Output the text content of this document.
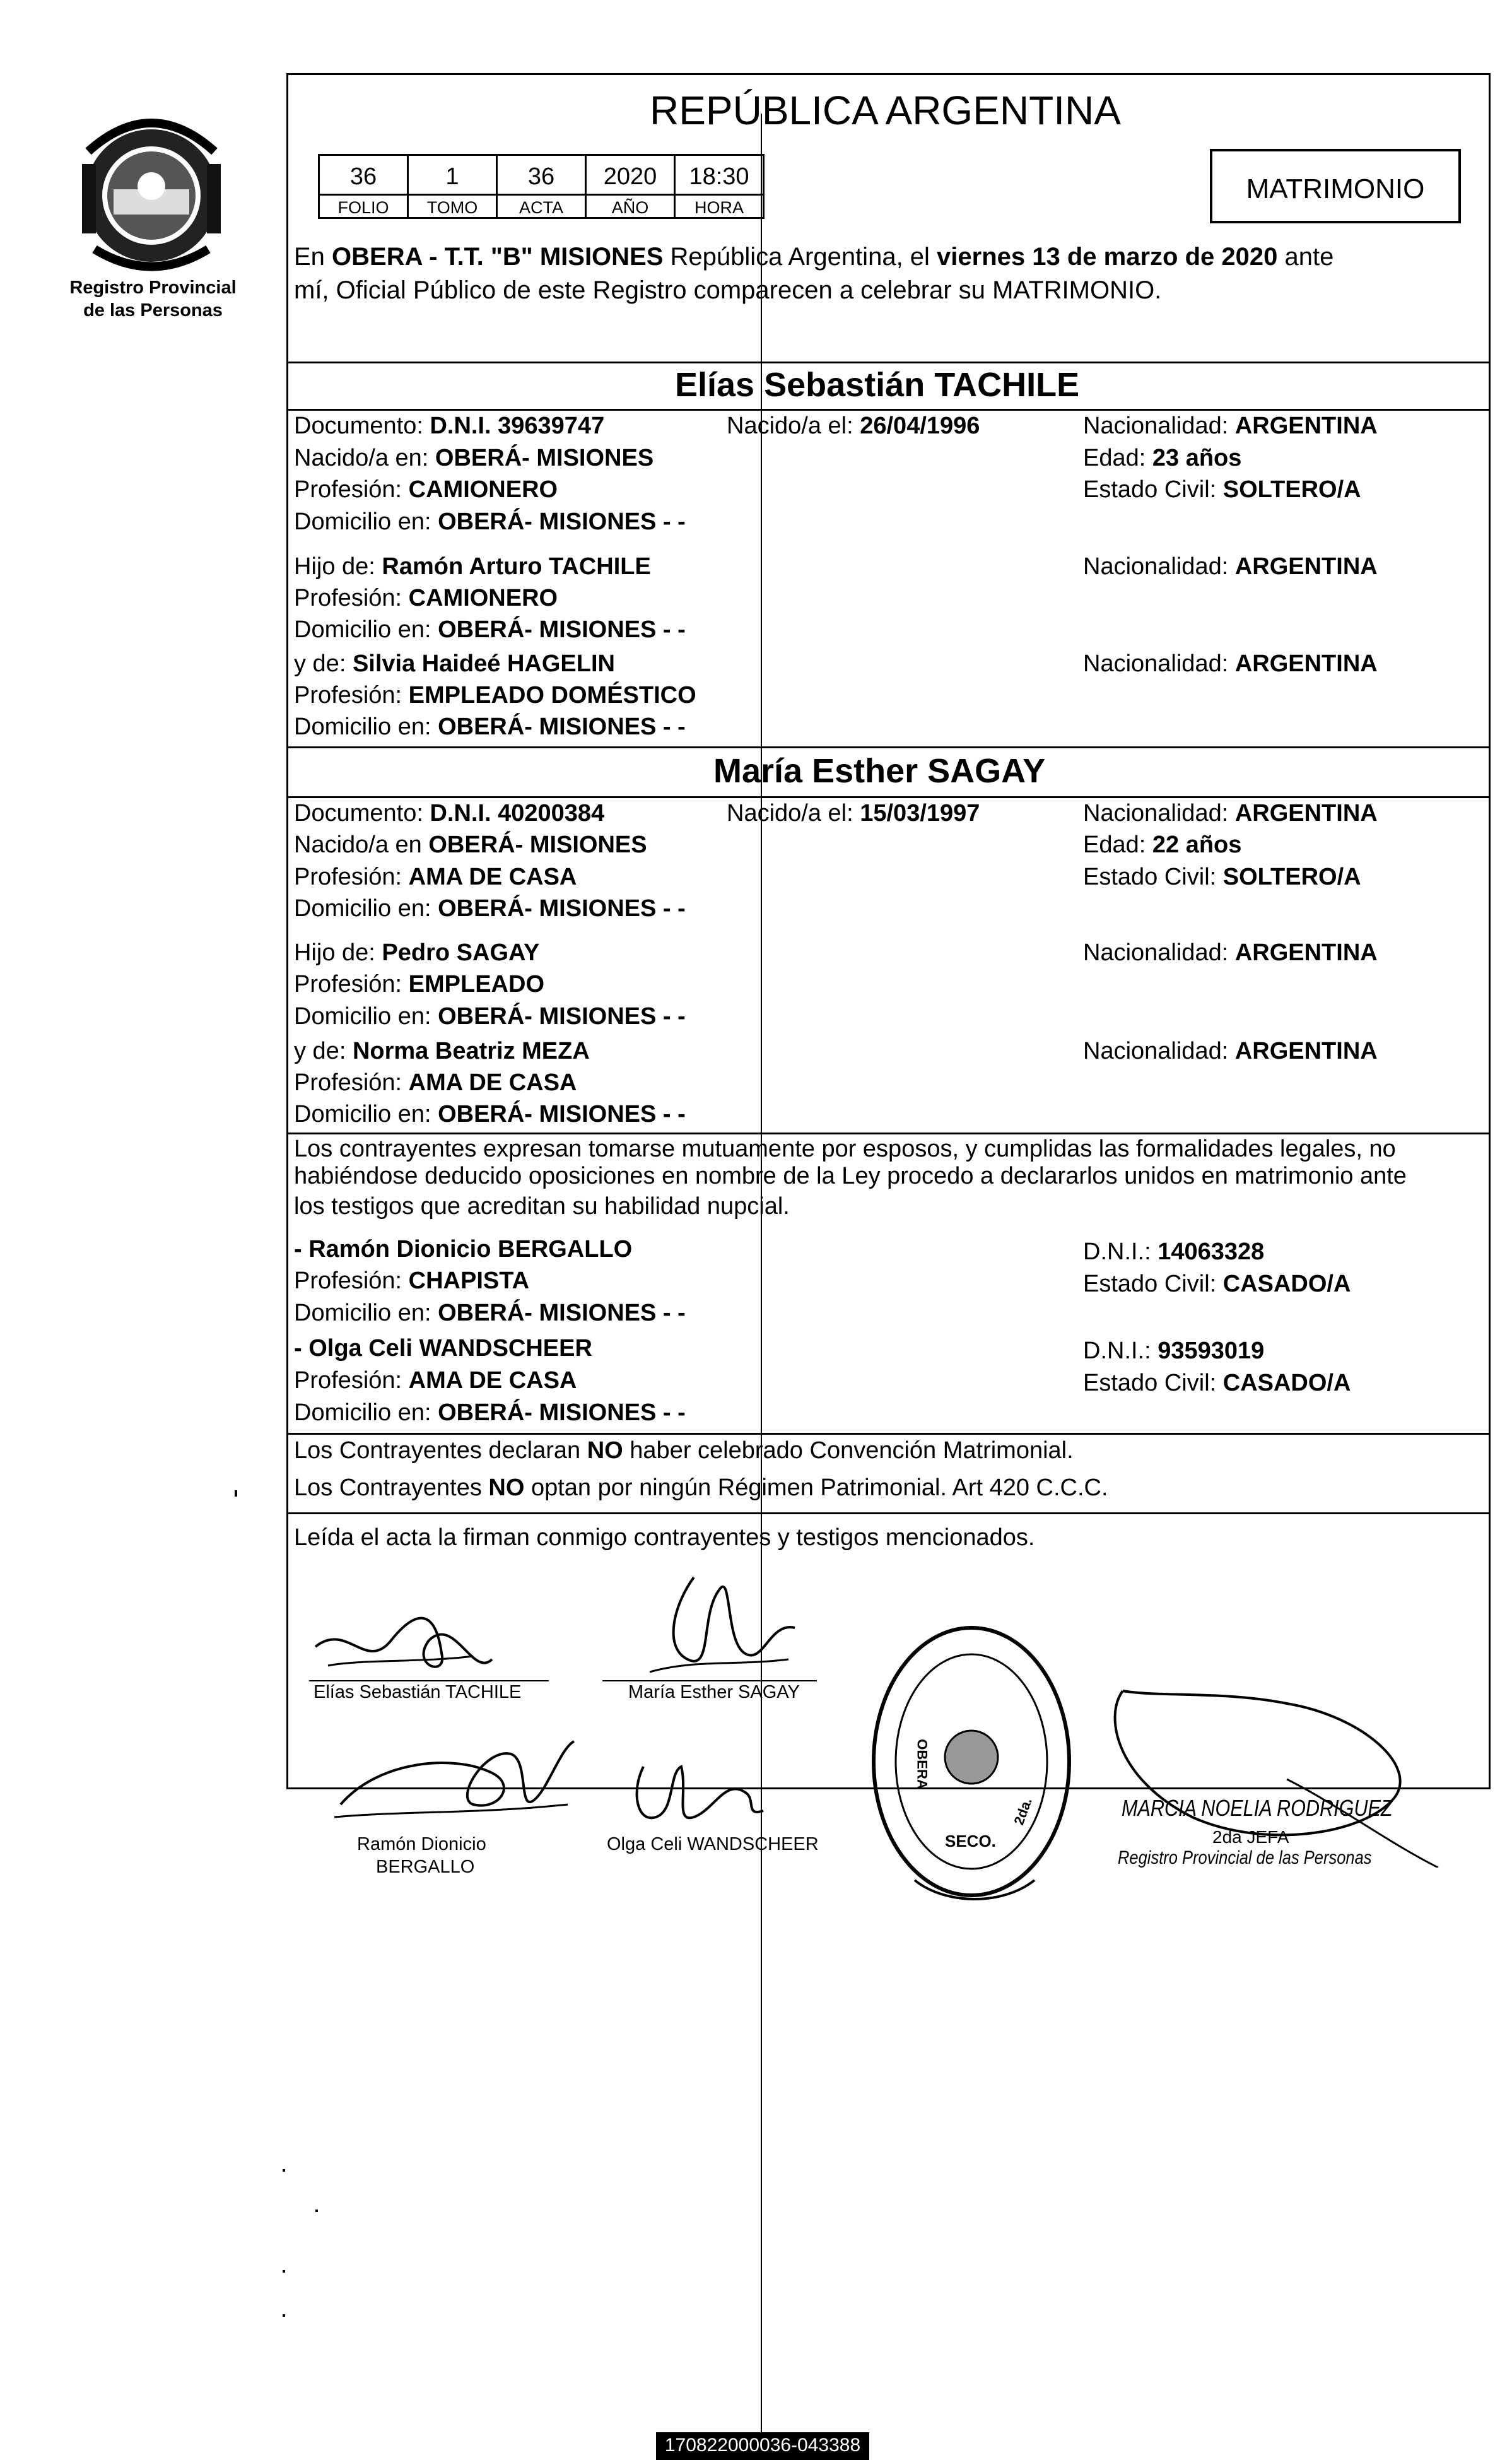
Registro Provincial
de las Personas
REPÚBLICA ARGENTINA
36	1	36	2020	18:30
FOLIO	TOMO	ACTA	AÑO	HORA
MATRIMONIO
En OBERA - T.T. "B" MISIONES República Argentina, el viernes 13 de marzo de 2020 ante
mí, Oficial Público de este Registro comparecen a celebrar su MATRIMONIO.
Elías Sebastián TACHILE
Documento: D.N.I. 39639747	Nacido/a el: 26/04/1996	Nacionalidad: ARGENTINA
Nacido/a en: OBERÁ- MISIONES	Edad: 23 años
Profesión: CAMIONERO	Estado Civil: SOLTERO/A
Domicilio en: OBERÁ- MISIONES - -
Hijo de: Ramón Arturo TACHILE	Nacionalidad: ARGENTINA
Profesión: CAMIONERO
Domicilio en: OBERÁ- MISIONES - -
y de: Silvia Haideé HAGELIN	Nacionalidad: ARGENTINA
Profesión: EMPLEADO DOMÉSTICO
Domicilio en: OBERÁ- MISIONES - -
María Esther SAGAY
Documento: D.N.I. 40200384	Nacido/a el: 15/03/1997	Nacionalidad: ARGENTINA
Nacido/a en OBERÁ- MISIONES	Edad: 22 años
Profesión: AMA DE CASA	Estado Civil: SOLTERO/A
Domicilio en: OBERÁ- MISIONES - -
Hijo de: Pedro SAGAY	Nacionalidad: ARGENTINA
Profesión: EMPLEADO
Domicilio en: OBERÁ- MISIONES - -
y de: Norma Beatriz MEZA	Nacionalidad: ARGENTINA
Profesión: AMA DE CASA
Domicilio en: OBERÁ- MISIONES - -
Los contrayentes expresan tomarse mutuamente por esposos, y cumplidas las formalidades legales, no
habiéndose deducido oposiciones en nombre de la Ley procedo a declararlos unidos en matrimonio ante
los testigos que acreditan su habilidad nupcial.
- Ramón Dionicio BERGALLO	D.N.I.: 14063328
Profesión: CHAPISTA	Estado Civil: CASADO/A
Domicilio en: OBERÁ- MISIONES - -
- Olga Celi WANDSCHEER	D.N.I.: 93593019
Profesión: AMA DE CASA	Estado Civil: CASADO/A
Domicilio en: OBERÁ- MISIONES - -
Los Contrayentes declaran NO haber celebrado Convención Matrimonial.
Los Contrayentes NO optan por ningún Régimen Patrimonial. Art 420 C.C.C.
Leída el acta la firman conmigo contrayentes y testigos mencionados.
Elías Sebastián TACHILE	María Esther SAGAY
Ramón Dionicio
BERGALLO
Olga Celi WANDSCHEER
OBERA
2da.
SECO.
MARCIA NOELIA RODRIGUEZ
2da JEFA
Registro Provincial de las Personas
170822000036-043388
